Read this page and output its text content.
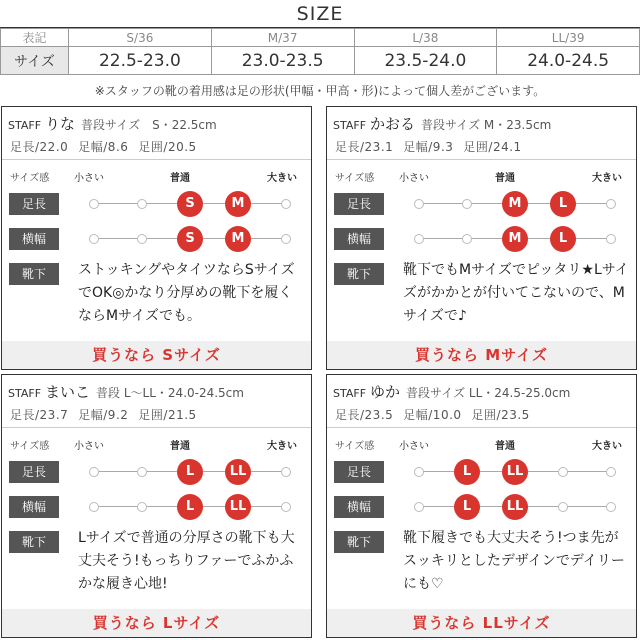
SIZE
表記	S/36	M/37	L/38	LL/39
サイズ	22.5-23.0	23.0-23.5	23.5-24.0	24.0-24.5
※スタッフの靴の着用感は足の形状(甲幅・甲高・形)によって個人差がございます。
STAFF りな 普段サイズ　S・22.5cm
足長/22.0 足幅/8.6 足囲/20.5
サイズ感 小さい	普通	大きい
足長	S	M
横幅	S	M
靴下	ストッキングやタイツならSサイズでOK◎かなり分厚めの靴下を履くならMサイズでも。
買うなら Sサイズ
STAFF かおる 普段サイズ M・23.5cm
足長/23.1 足幅/9.3 足囲/24.1
サイズ感 小さい	普通	大きい
足長	M	L
横幅	M	L
靴下	靴下でもMサイズでピッタリ★Lサイズがかかとが付いてこないので、Mサイズで♪
買うなら Mサイズ
STAFF まいこ 普段 L〜LL・24.0-24.5cm
足長/23.7 足幅/9.2 足囲/21.5
サイズ感 小さい	普通	大きい
足長	L	LL
横幅	L	LL
靴下	Lサイズで普通の分厚さの靴下も大丈夫そう!もっちりファーでふかふかな履き心地!
買うなら Lサイズ
STAFF ゆか 普段サイズ LL・24.5-25.0cm
足長/23.5 足幅/10.0 足囲/23.5
サイズ感 小さい	普通	大きい
足長	L	LL
横幅	L	LL
靴下	靴下履きでも大丈夫そう!つま先がスッキリとしたデザインでデイリーにも♡
買うなら LLサイズ
